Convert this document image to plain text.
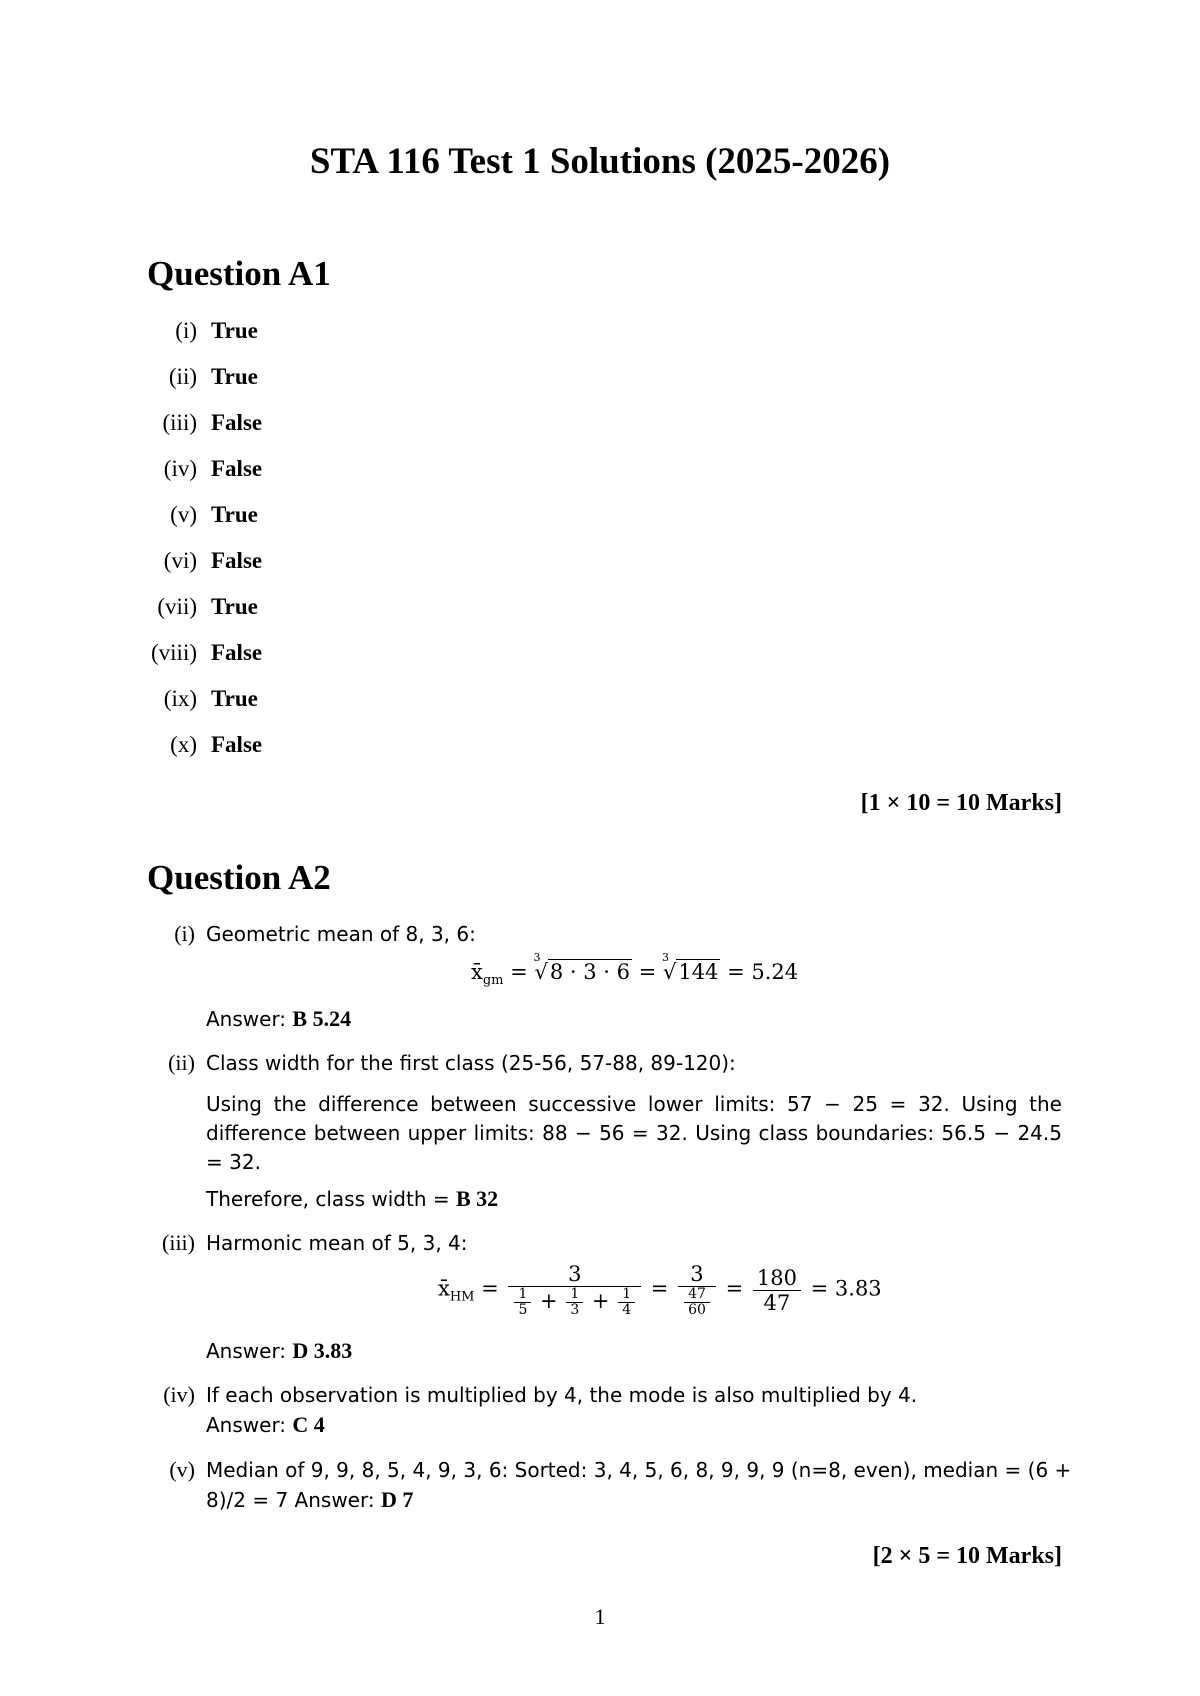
STA 116 Test 1 Solutions (2025-2026)
Question A1
(i) True
(ii) True
(iii) False
(iv) False
(v) True
(vi) False
(vii) True
(viii) False
(ix) True
(x) False
[1 × 10 = 10 Marks]
Question A2
(i) Geometric mean of 8, 3, 6:
$x̄_{gm}$ =
3
√8 · 3 · 6 =
3
√144 = 5.24
Answer: B 5.24
(ii) Class width for the first class (25-56, 57-88, 89-120):
Using the difference between successive lower limits: 57 − 25 = 32. Using the difference between upper limits: 88 − 56 = 32. Using class boundaries: 56.5 − 24.5 = 32.
Therefore, class width = B 32
(iii) Harmonic mean of 5, 3, 4:
$x̄_{HM} = \frac{3}{\frac{1}{5} + \frac{1}{3} + \frac{1}{4}} = \frac{3}{\frac{47}{60}} = \frac{180}{47} = 3.83$
Answer: D 3.83
(iv) If each observation is multiplied by 4, the mode is also multiplied by 4.
Answer: C 4
(v) Median of 9, 9, 8, 5, 4, 9, 3, 6: Sorted: 3, 4, 5, 6, 8, 9, 9, 9 (n=8, even), median = (6 +
8)/2 = 7 Answer: D 7
[2 × 5 = 10 Marks]
1
